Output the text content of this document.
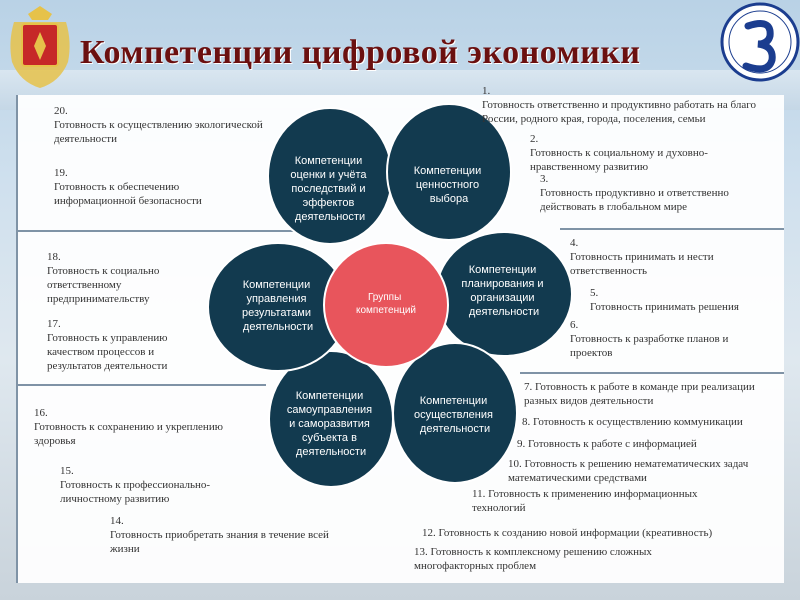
Компетенции цифровой экономики
Компетенции оценки и учёта последствий и эффектов деятельности
Компетенции ценностного выбора
Компетенции планирования и организации деятельности
Компетенции осуществления деятельности
Компетенции самоуправления и саморазвития субъекта в деятельности
Компетенции управления результатами деятельности
Группы компетенций
20.
Готовность к осуществлению экологической деятельности
19.
Готовность к обеспечению информационной безопасности
18.
Готовность к социально ответственному предпринимательству
17.
Готовность к управлению качеством процессов и результатов деятельности
16.
Готовность к сохранению и укреплению здоровья
15.
Готовность к профессионально-личностному развитию
14.
Готовность приобретать знания в течение всей жизни
1.
Готовность ответственно и продуктивно работать на благо России, родного края, города, поселения, семьи
2.
Готовность к социальному и духовно-нравственному развитию
3.
Готовность продуктивно и ответственно действовать в глобальном мире
4.
Готовность принимать и нести ответственность
5.
Готовность принимать решения
6.
Готовность к разработке планов и проектов
7. Готовность к работе в команде при реализации разных видов деятельности
8. Готовность к осуществлению коммуникации
9. Готовность к работе с информацией
10. Готовность к решению нематематических задач математическими средствами
11. Готовность к применению информационных технологий
12. Готовность к созданию новой информации (креативность)
13. Готовность к комплексному решению сложных многофакторных проблем
